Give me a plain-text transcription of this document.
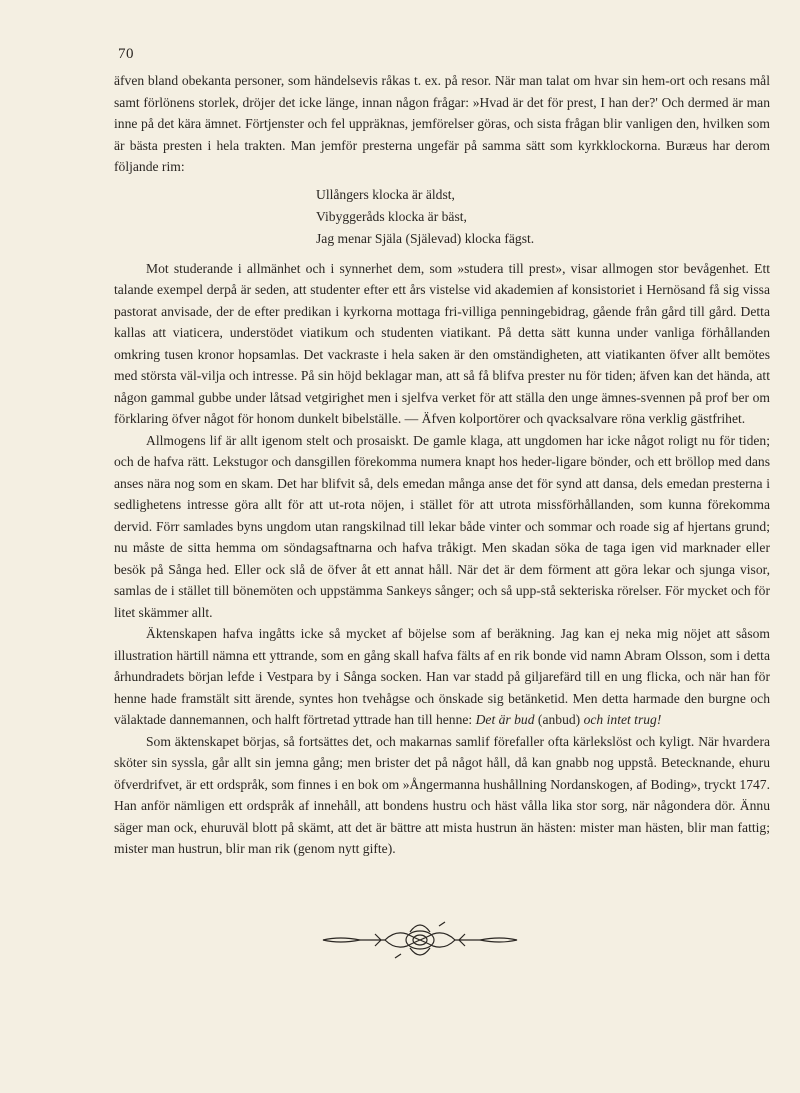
70

äfven bland obekanta personer, som händelsevis råkas t. ex. på resor. När man talat om hvar sin hem-ort och resans mål samt förlönens storlek, dröjer det icke länge, innan någon frågar: »Hvad är det för prest, I han der?' Och dermed är man inne på det kära ämnet. Förtjenster och fel uppräknas, jemförelser göras, och sista frågan blir vanligen den, hvilken som är bästa presten i hela trakten. Man jemför presterna ungefär på samma sätt som kyrkklockorna. Buræus har derom följande rim:

Ullångers klocka är äldst,
Vibyggeråds klocka är bäst,
Jag menar Själa (Själevad) klocka fägst.

Mot studerande i allmänhet och i synnerhet dem, som »studera till prest», visar allmogen stor bevågenhet. Ett talande exempel derpå är seden, att studenter efter ett års vistelse vid akademien af konsistoriet i Hernösand få sig vissa pastorat anvisade, der de efter predikan i kyrkorna mottaga fri-villiga penningebidrag, gående från gård till gård. Detta kallas att viaticera, understödet viatikum och studenten viatikant. På detta sätt kunna under vanliga förhållanden omkring tusen kronor hopsamlas. Det vackraste i hela saken är den omständigheten, att viatikanten öfver allt bemötes med största väl-vilja och intresse. På sin höjd beklagar man, att så få blifva prester nu för tiden; äfven kan det hända, att någon gammal gubbe under låtsad vetgirighet men i sjelfva verket för att ställa den unge ämnes-svennen på prof ber om förklaring öfver något för honom dunkelt bibelställe. — Äfven kolportörer och qvacksalvare röna verklig gästfrihet.

Allmogens lif är allt igenom stelt och prosaiskt. De gamle klaga, att ungdomen har icke något roligt nu för tiden; och de hafva rätt. Lekstugor och dansgillen förekomma numera knapt hos heder-ligare bönder, och ett bröllop med dans anses nära nog som en skam. Det har blifvit så, dels emedan många anse det för synd att dansa, dels emedan presterna i sedlighetens intresse göra allt för att ut-rota nöjen, i stället för att utrota missförhållanden, som kunna förekomma dervid. Förr samlades byns ungdom utan rangskilnad till lekar både vinter och sommar och roade sig af hjertans grund; nu måste de sitta hemma om söndagsaftnarna och hafva tråkigt. Men skadan söka de taga igen vid marknader eller besök på Sånga hed. Eller ock slå de öfver åt ett annat håll. När det är dem förment att göra lekar och sjunga visor, samlas de i stället till bönemöten och uppstämma Sankeys sånger; och så upp-stå sekteriska rörelser. För mycket och för litet skämmer allt.

Äktenskapen hafva ingåtts icke så mycket af böjelse som af beräkning. Jag kan ej neka mig nöjet att såsom illustration härtill nämna ett yttrande, som en gång skall hafva fälts af en rik bonde vid namn Abram Olsson, som i detta århundradets början lefde i Vestpara by i Sånga socken. Han var stadd på giljarefärd till en ung flicka, och när han för henne hade framstält sitt ärende, syntes hon tvehågse och önskade sig betänketid. Men detta harmade den burgne och välaktade dannemannen, och halft förtretad yttrade han till henne: Det är bud (anbud) och intet trug!

Som äktenskapet börjas, så fortsättes det, och makarnas samlif förefaller ofta kärlekslöst och kyligt. När hvardera sköter sin syssla, går allt sin jemna gång; men brister det på något håll, då kan gnabb nog uppstå. Betecknande, ehuru öfverdrifvet, är ett ordspråk, som finnes i en bok om »Ångermanna hushållning Nordanskogen, af Boding», tryckt 1747. Han anför nämligen ett ordspråk af innehåll, att bondens hustru och häst vålla lika stor sorg, när någondera dör. Ännu säger man ock, ehuruväl blott på skämt, att det är bättre att mista hustrun än hästen: mister man hästen, blir man fattig; mister man hustrun, blir man rik (genom nytt gifte).
